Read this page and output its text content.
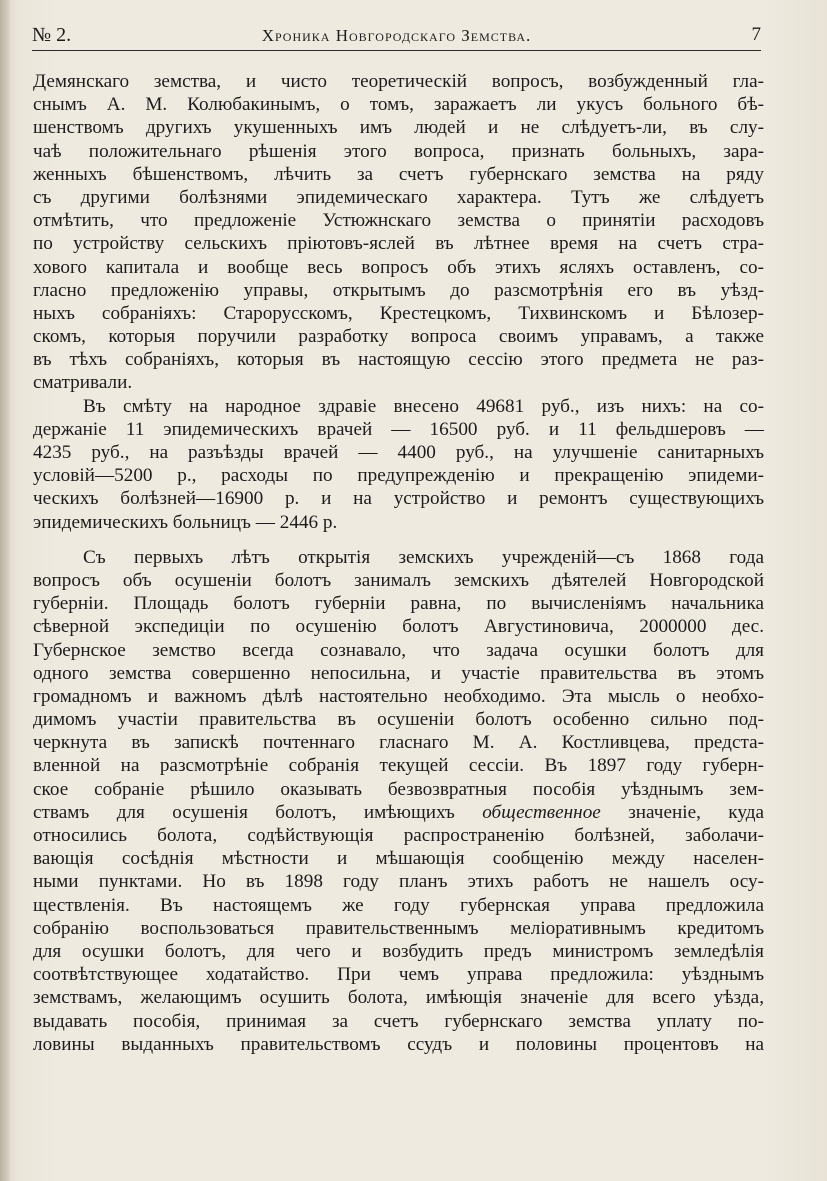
№ 2.	Хроника Новгородскаго Земства.	7
Демянскаго земства, и чисто теоретическій вопросъ, возбужденный гла-
снымъ А. М. Колюбакинымъ, о томъ, заражаетъ ли укусъ больного бѣ-
шенствомъ другихъ укушенныхъ имъ людей и не слѣдуетъ-ли, въ слу-
чаѣ положительнаго рѣшенія этого вопроса, признать больныхъ, зара-
женныхъ бѣшенствомъ, лѣчить за счетъ губернскаго земства на ряду
съ другими болѣзнями эпидемическаго характера. Тутъ же слѣдуетъ
отмѣтить, что предложеніе Устюжнскаго земства о принятіи расходовъ
по устройству сельскихъ пріютовъ-яслей въ лѣтнее время на счетъ стра-
хового капитала и вообще весь вопросъ объ этихъ ясляхъ оставленъ, со-
гласно предложенію управы, открытымъ до разсмотрѣнія его въ уѣзд-
ныхъ собраніяхъ: Старорусскомъ, Крестецкомъ, Тихвинскомъ и Бѣлозер-
скомъ, которыя поручили разработку вопроса своимъ управамъ, а также
въ тѣхъ собраніяхъ, которыя въ настоящую сессію этого предмета не раз-
сматривали.
Въ смѣту на народное здравіе внесено 49681 руб., изъ нихъ: на со-
держаніе 11 эпидемическихъ врачей — 16500 руб. и 11 фельдшеровъ —
4235 руб., на разъѣзды врачей — 4400 руб., на улучшеніе санитарныхъ
условій—5200 р., расходы по предупрежденію и прекращенію эпидеми-
ческихъ болѣзней—16900 р. и на устройство и ремонтъ существующихъ
эпидемическихъ больницъ — 2446 р.
Съ первыхъ лѣтъ открытія земскихъ учрежденій—съ 1868 года
вопросъ объ осушеніи болотъ занималъ земскихъ дѣятелей Новгородской
губерніи. Площадь болотъ губерніи равна, по вычисленіямъ начальника
сѣверной экспедиціи по осушенію болотъ Августиновича, 2000000 дес.
Губернское земство всегда сознавало, что задача осушки болотъ для
одного земства совершенно непосильна, и участіе правительства въ этомъ
громадномъ и важномъ дѣлѣ настоятельно необходимо. Эта мысль о необхо-
димомъ участіи правительства въ осушеніи болотъ особенно сильно под-
черкнута въ запискѣ почтеннаго гласнаго М. А. Костливцева, предста-
вленной на разсмотрѣніе собранія текущей сессіи. Въ 1897 году губерн-
ское собраніе рѣшило оказывать безвозвратныя пособія уѣзднымъ зем-
ствамъ для осушенія болотъ, имѣющихъ общественное значеніе, куда
относились болота, содѣйствующія распространенію болѣзней, заболачи-
вающія сосѣднія мѣстности и мѣшающія сообщенію между населен-
ными пунктами. Но въ 1898 году планъ этихъ работъ не нашелъ осу-
ществленія. Въ настоящемъ же году губернская управа предложила
собранію воспользоваться правительственнымъ меліоративнымъ кредитомъ
для осушки болотъ, для чего и возбудить предъ министромъ земледѣлія
соотвѣтствующее ходатайство. При чемъ управа предложила: уѣзднымъ
земствамъ, желающимъ осушить болота, имѣющія значеніе для всего уѣзда,
выдавать пособія, принимая за счетъ губернскаго земства уплату по-
ловины выданныхъ правительствомъ ссудъ и половины процентовъ на
